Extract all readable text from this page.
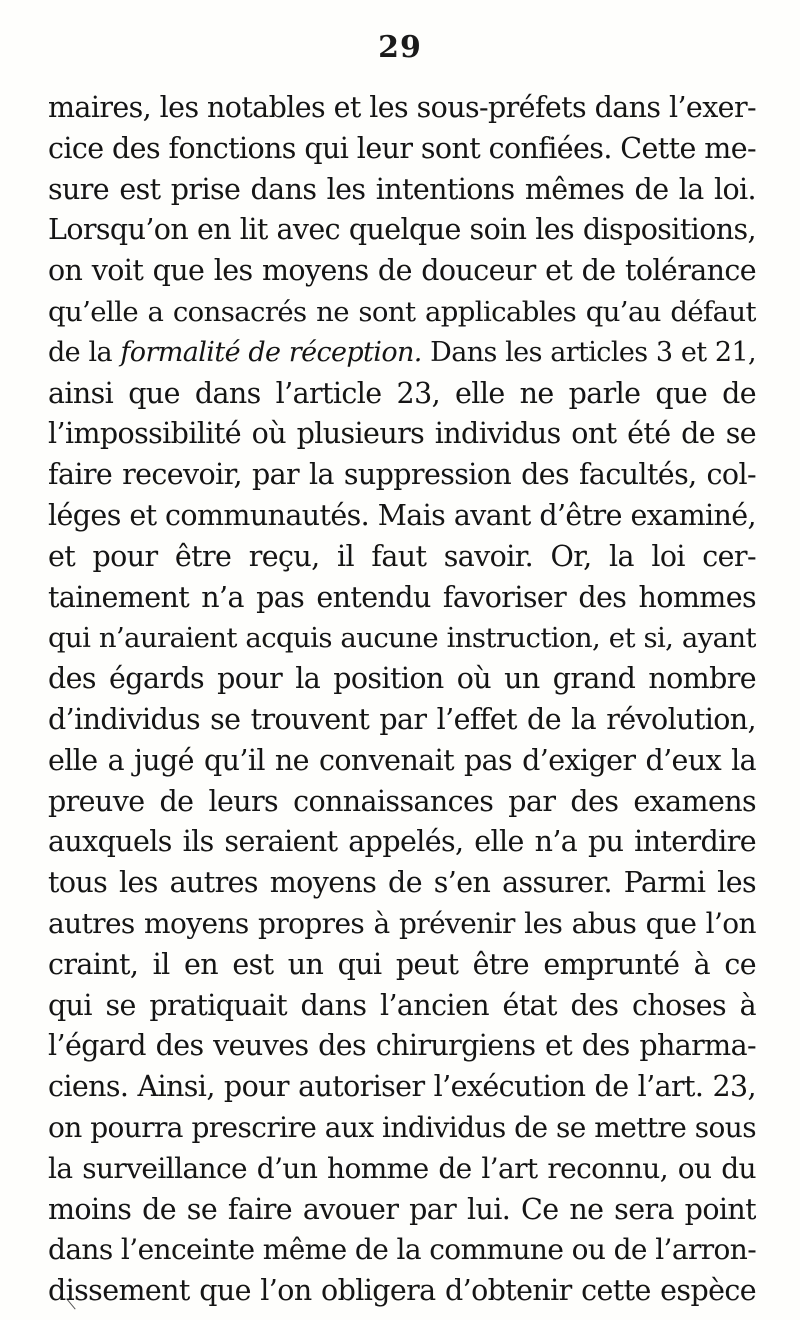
29
maires, les notables et les sous-préfets dans l’exer-
cice des fonctions qui leur sont confiées. Cette me-
sure est prise dans les intentions mêmes de la loi.
Lorsqu’on en lit avec quelque soin les dispositions,
on voit que les moyens de douceur et de tolérance
qu’elle a consacrés ne sont applicables qu’au défaut
de la formalité de réception. Dans les articles 3 et 21,
ainsi que dans l’article 23, elle ne parle que de
l’impossibilité où plusieurs individus ont été de se
faire recevoir, par la suppression des facultés, col-
léges et communautés. Mais avant d’être examiné,
et pour être reçu, il faut savoir. Or, la loi cer-
tainement n’a pas entendu favoriser des hommes
qui n’auraient acquis aucune instruction, et si, ayant
des égards pour la position où un grand nombre
d’individus se trouvent par l’effet de la révolution,
elle a jugé qu’il ne convenait pas d’exiger d’eux la
preuve de leurs connaissances par des examens
auxquels ils seraient appelés, elle n’a pu interdire
tous les autres moyens de s’en assurer. Parmi les
autres moyens propres à prévenir les abus que l’on
craint, il en est un qui peut être emprunté à ce
qui se pratiquait dans l’ancien état des choses à
l’égard des veuves des chirurgiens et des pharma-
ciens. Ainsi, pour autoriser l’exécution de l’art. 23,
on pourra prescrire aux individus de se mettre sous
la surveillance d’un homme de l’art reconnu, ou du
moins de se faire avouer par lui. Ce ne sera point
dans l’enceinte même de la commune ou de l’arron-
dissement que l’on obligera d’obtenir cette espèce
